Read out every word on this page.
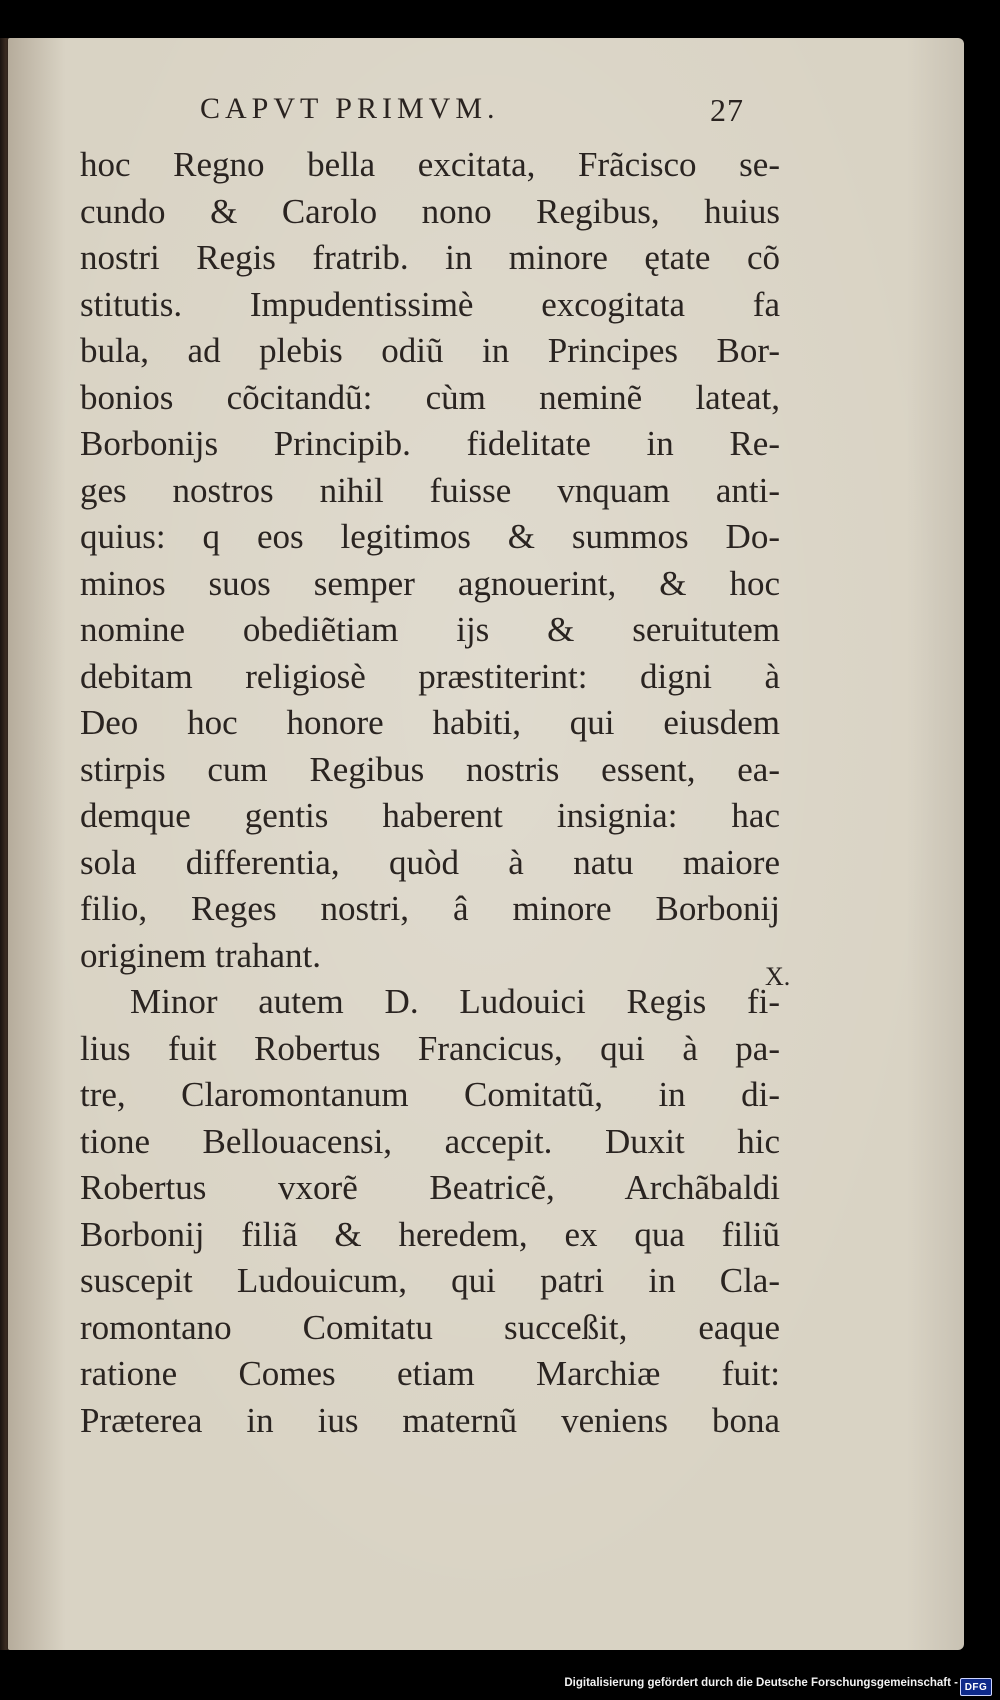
CAPVT PRIMVM.	27
hoc Regno bella excitata, Frãcisco se-
cundo & Carolo nono Regibus, huius
nostri Regis fratrib. in minore ętate cõ
stitutis. Impudentissimè excogitata fa
bula, ad plebis odiũ in Principes Bor-
bonios cõcitandũ: cùm neminẽ lateat,
Borbonijs Principib. fidelitate in Re-
ges nostros nihil fuisse vnquam anti-
quius: q eos legitimos & summos Do-
minos suos semper agnouerint, & hoc
nomine obediẽtiam ijs & seruitutem
debitam religiosè præstiterint: digni à
Deo hoc honore habiti, qui eiusdem
stirpis cum Regibus nostris essent, ea-
demque gentis haberent insignia: hac
sola differentia, quòd à natu maiore
filio, Reges nostri, â minore Borbonij
originem trahant.
Minor autem D. Ludouici Regis fi-
lius fuit Robertus Francicus, qui à pa-
tre, Claromontanum Comitatũ, in di-
tione Bellouacensi, accepit. Duxit hic
Robertus vxorẽ Beatricẽ, Archãbaldi
Borbonij filiã & heredem, ex qua filiũ
suscepit Ludouicum, qui patri in Cla-
romontano Comitatu succeßit, eaque
ratione Comes etiam Marchiæ fuit:
Præterea in ius maternũ veniens bona
X.
Digitalisierung gefördert durch die Deutsche Forschungsgemeinschaft - DFG
